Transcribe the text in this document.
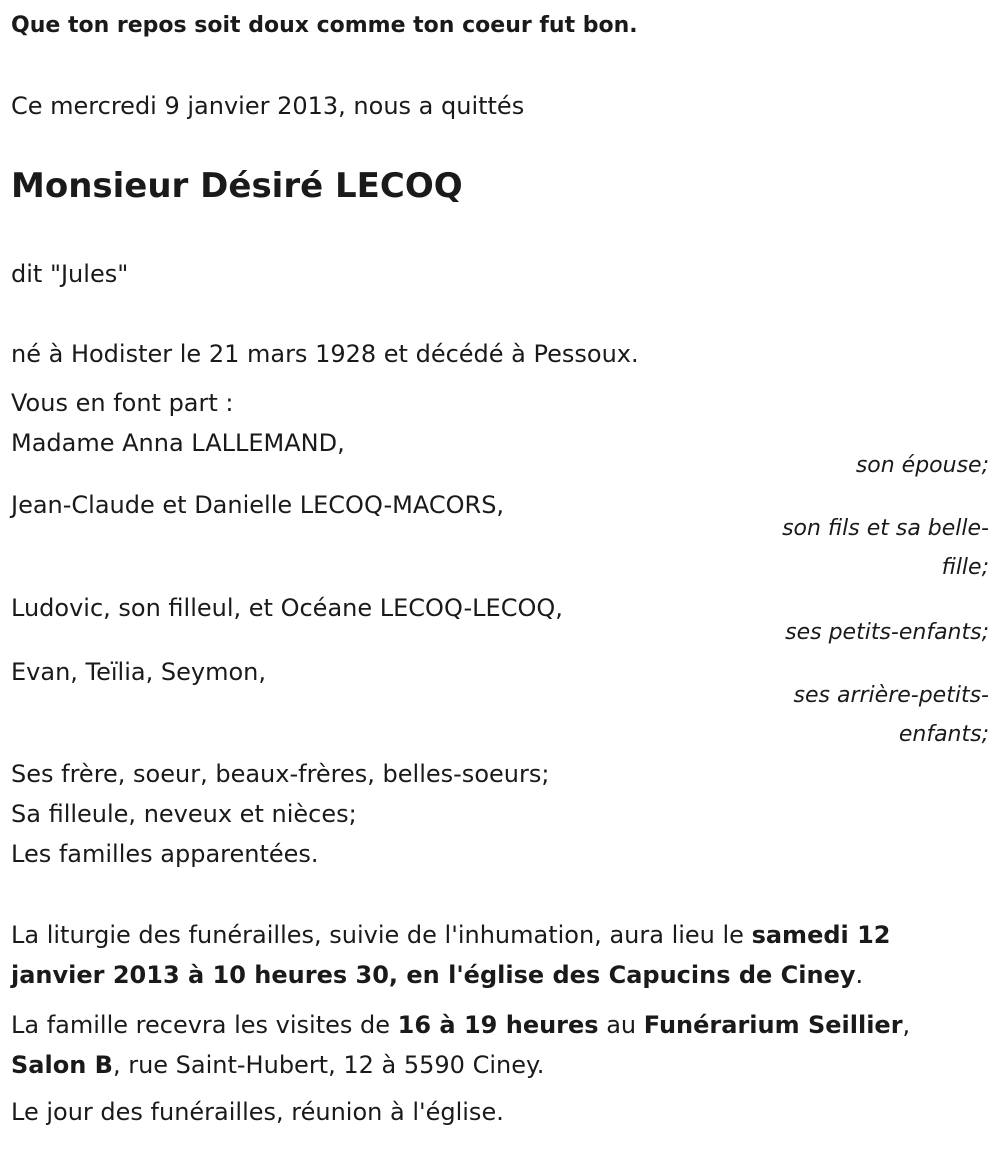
Que ton repos soit doux comme ton coeur fut bon.
Ce mercredi 9 janvier 2013, nous a quittés
Monsieur Désiré LECOQ
dit "Jules"
né à Hodister le 21 mars 1928 et décédé à Pessoux.
Vous en font part :
Madame Anna LALLEMAND,
son épouse;
Jean-Claude et Danielle LECOQ-MACORS,
son fils et sa belle-fille;
Ludovic, son filleul, et Océane LECOQ-LECOQ,
ses petits-enfants;
Evan, Teïlia, Seymon,
ses arrière-petits-enfants;
Ses frère, soeur, beaux-frères, belles-soeurs;
Sa filleule, neveux et nièces;
Les familles apparentées.
La liturgie des funérailles, suivie de l'inhumation, aura lieu le samedi 12 janvier 2013 à 10 heures 30, en l'église des Capucins de Ciney.
La famille recevra les visites de 16 à 19 heures au Funérarium Seillier, Salon B, rue Saint-Hubert, 12 à 5590 Ciney.
Le jour des funérailles, réunion à l'église.
